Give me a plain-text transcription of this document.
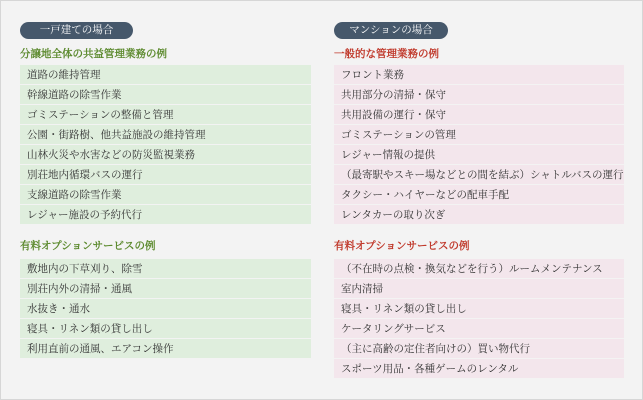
一戸建ての場合
分譲地全体の共益管理業務の例
道路の維持管理
幹線道路の除雪作業
ゴミステーションの整備と管理
公園・街路樹、他共益施設の維持管理
山林火災や水害などの防災監視業務
別荘地内循環バスの運行
支線道路の除雪作業
レジャー施設の予約代行
有料オプションサービスの例
敷地内の下草刈り、除雪
別荘内外の清掃・通風
水抜き・通水
寝具・リネン類の貸し出し
利用直前の通風、エアコン操作
マンションの場合
一般的な管理業務の例
フロント業務
共用部分の清掃・保守
共用設備の運行・保守
ゴミステーションの管理
レジャー情報の提供
（最寄駅やスキー場などとの間を結ぶ）シャトルバスの運行
タクシー・ハイヤーなどの配車手配
レンタカーの取り次ぎ
有料オプションサービスの例
（不在時の点検・換気などを行う）ルームメンテナンス
室内清掃
寝具・リネン類の貸し出し
ケータリングサービス
（主に高齢の定住者向けの）買い物代行
スポーツ用品・各種ゲームのレンタル
